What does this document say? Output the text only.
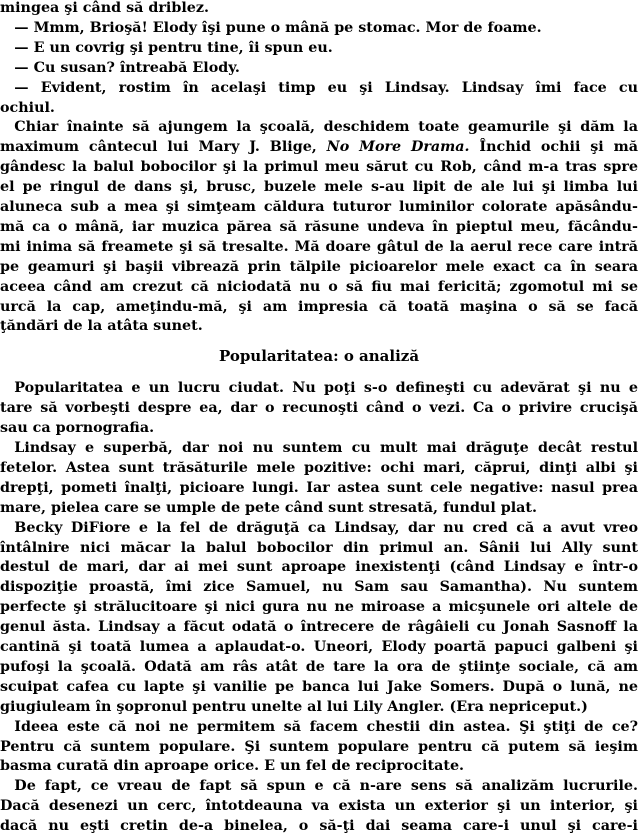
mingea şi când să driblez.
 — Mmm, Brioşă! Elody îşi pune o mână pe stomac. Mor de foame.
 — E un covrig şi pentru tine, îi spun eu.
 — Cu susan? întreabă Elody.
 — Evident, rostim în acelaşi timp eu şi Lindsay. Lindsay îmi face cu
ochiul.
 Chiar înainte să ajungem la şcoală, deschidem toate geamurile şi dăm la
maximum cântecul lui Mary J. Blige, No More Drama. Închid ochii şi mă
gândesc la balul bobocilor şi la primul meu sărut cu Rob, când m-a tras spre
el pe ringul de dans şi, brusc, buzele mele s-au lipit de ale lui şi limba lui
aluneca sub a mea şi simţeam căldura tuturor luminilor colorate apăsându-
mă ca o mână, iar muzica părea să răsune undeva în pieptul meu, făcându-
mi inima să freamete şi să tresalte. Mă doare gâtul de la aerul rece care intră
pe geamuri şi başii vibrează prin tălpile picioarelor mele exact ca în seara
aceea când am crezut că niciodată nu o să fiu mai fericită; zgomotul mi se
urcă la cap, ameţindu-mă, şi am impresia că toată maşina o să se facă
ţăndări de la atâta sunet.
Popularitatea: o analiză
 Popularitatea e un lucru ciudat. Nu poţi s-o defineşti cu adevărat şi nu e
tare să vorbeşti despre ea, dar o recunoşti când o vezi. Ca o privire crucişă
sau ca pornografia.
 Lindsay e superbă, dar noi nu suntem cu mult mai drăguţe decât restul
fetelor. Astea sunt trăsăturile mele pozitive: ochi mari, căprui, dinţi albi şi
drepţi, pometi înalţi, picioare lungi. Iar astea sunt cele negative: nasul prea
mare, pielea care se umple de pete când sunt stresată, fundul plat.
 Becky DiFiore e la fel de drăguţă ca Lindsay, dar nu cred că a avut vreo
întâlnire nici măcar la balul bobocilor din primul an. Sânii lui Ally sunt
destul de mari, dar ai mei sunt aproape inexistenţi (când Lindsay e într-o
dispoziţie proastă, îmi zice Samuel, nu Sam sau Samantha). Nu suntem
perfecte şi strălucitoare şi nici gura nu ne miroase a micşunele ori altele de
genul ăsta. Lindsay a făcut odată o întrecere de râgâieli cu Jonah Sasnoff la
cantină şi toată lumea a aplaudat-o. Uneori, Elody poartă papuci galbeni şi
pufoşi la şcoală. Odată am râs atât de tare la ora de ştiinţe sociale, că am
scuipat cafea cu lapte şi vanilie pe banca lui Jake Somers. După o lună, ne
giugiuleam în şopronul pentru unelte al lui Lily Angler. (Era nepriceput.)
 Ideea este că noi ne permitem să facem chestii din astea. Şi ştiţi de ce?
Pentru că suntem populare. Şi suntem populare pentru că putem să ieşim
basma curată din aproape orice. E un fel de reciprocitate.
 De fapt, ce vreau de fapt să spun e că n-are sens să analizăm lucrurile.
Dacă desenezi un cerc, întotdeauna va exista un exterior şi un interior, şi
dacă nu eşti cretin de-a binelea, o să-ţi dai seama care-i unul şi care-i
